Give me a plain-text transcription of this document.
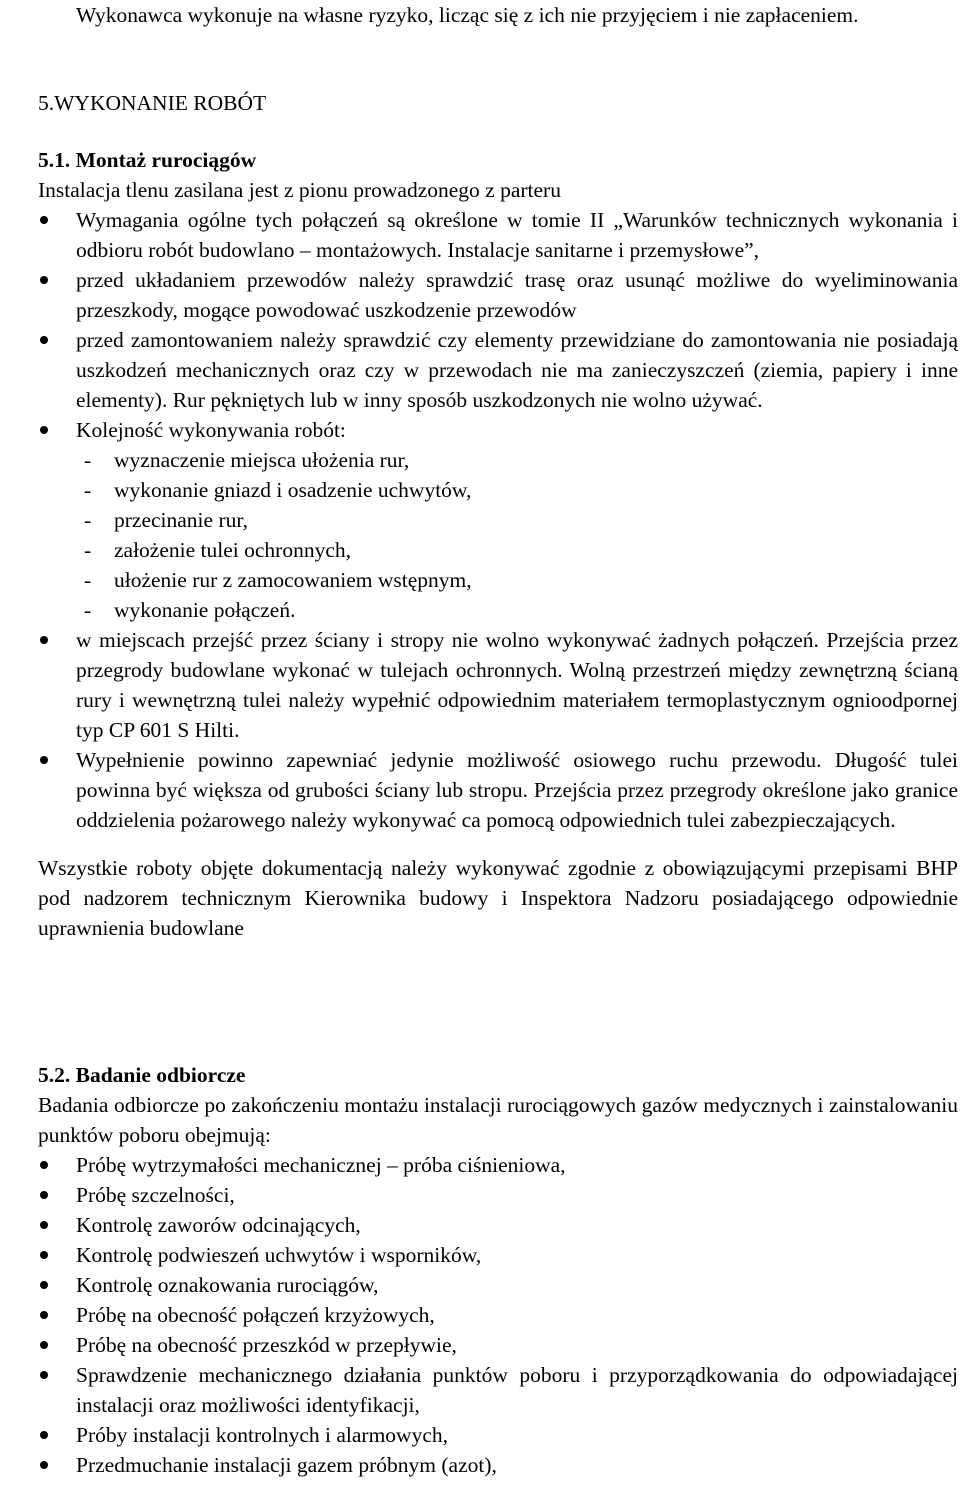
Wykonawca wykonuje na własne ryzyko, licząc się z ich nie przyjęciem i nie zapłaceniem.

5.WYKONANIE ROBÓT

5.1. Montaż rurociągów

Instalacja tlenu zasilana jest z pionu prowadzonego z parteru

Wymagania ogólne tych połączeń są określone w tomie II „Warunków technicznych wykonania i odbioru robót budowlano – montażowych. Instalacje sanitarne i przemysłowe”,
przed układaniem przewodów należy sprawdzić trasę oraz usunąć możliwe do wyeliminowania przeszkody, mogące powodować uszkodzenie przewodów
przed zamontowaniem należy sprawdzić czy elementy przewidziane do zamontowania nie posiadają uszkodzeń mechanicznych oraz czy w przewodach nie ma zanieczyszczeń (ziemia, papiery i inne elementy). Rur pękniętych lub w inny sposób uszkodzonych nie wolno używać.
Kolejność wykonywania robót:
- wyznaczenie miejsca ułożenia rur,
- wykonanie gniazd i osadzenie uchwytów,
- przecinanie rur,
- założenie tulei ochronnych,
- ułożenie rur z zamocowaniem wstępnym,
- wykonanie połączeń.
w miejscach przejść przez ściany i stropy nie wolno wykonywać żadnych połączeń. Przejścia przez przegrody budowlane wykonać w tulejach ochronnych. Wolną przestrzeń między zewnętrzną ścianą rury i wewnętrzną tulei należy wypełnić odpowiednim materiałem termoplastycznym ognioodpornej typ CP 601 S Hilti.
Wypełnienie powinno zapewniać jedynie możliwość osiowego ruchu przewodu. Długość tulei powinna być większa od grubości ściany lub stropu. Przejścia przez przegrody określone jako granice oddzielenia pożarowego należy wykonywać ca pomocą odpowiednich tulei zabezpieczających.

Wszystkie roboty objęte dokumentacją należy wykonywać zgodnie z obowiązującymi przepisami BHP pod nadzorem technicznym Kierownika budowy i Inspektora Nadzoru posiadającego odpowiednie uprawnienia budowlane

5.2. Badanie odbiorcze

Badania odbiorcze po zakończeniu montażu instalacji rurociągowych gazów medycznych i zainstalowaniu punktów poboru obejmują:

Próbę wytrzymałości mechanicznej – próba ciśnieniowa,
Próbę szczelności,
Kontrolę zaworów odcinających,
Kontrolę podwieszeń uchwytów i wsporników,
Kontrolę oznakowania rurociągów,
Próbę na obecność połączeń krzyżowych,
Próbę na obecność przeszkód w przepływie,
Sprawdzenie mechanicznego działania punktów poboru i przyporządkowania do odpowiadającej instalacji oraz możliwości identyfikacji,
Próby instalacji kontrolnych i alarmowych,
Przedmuchanie instalacji gazem próbnym (azot),
